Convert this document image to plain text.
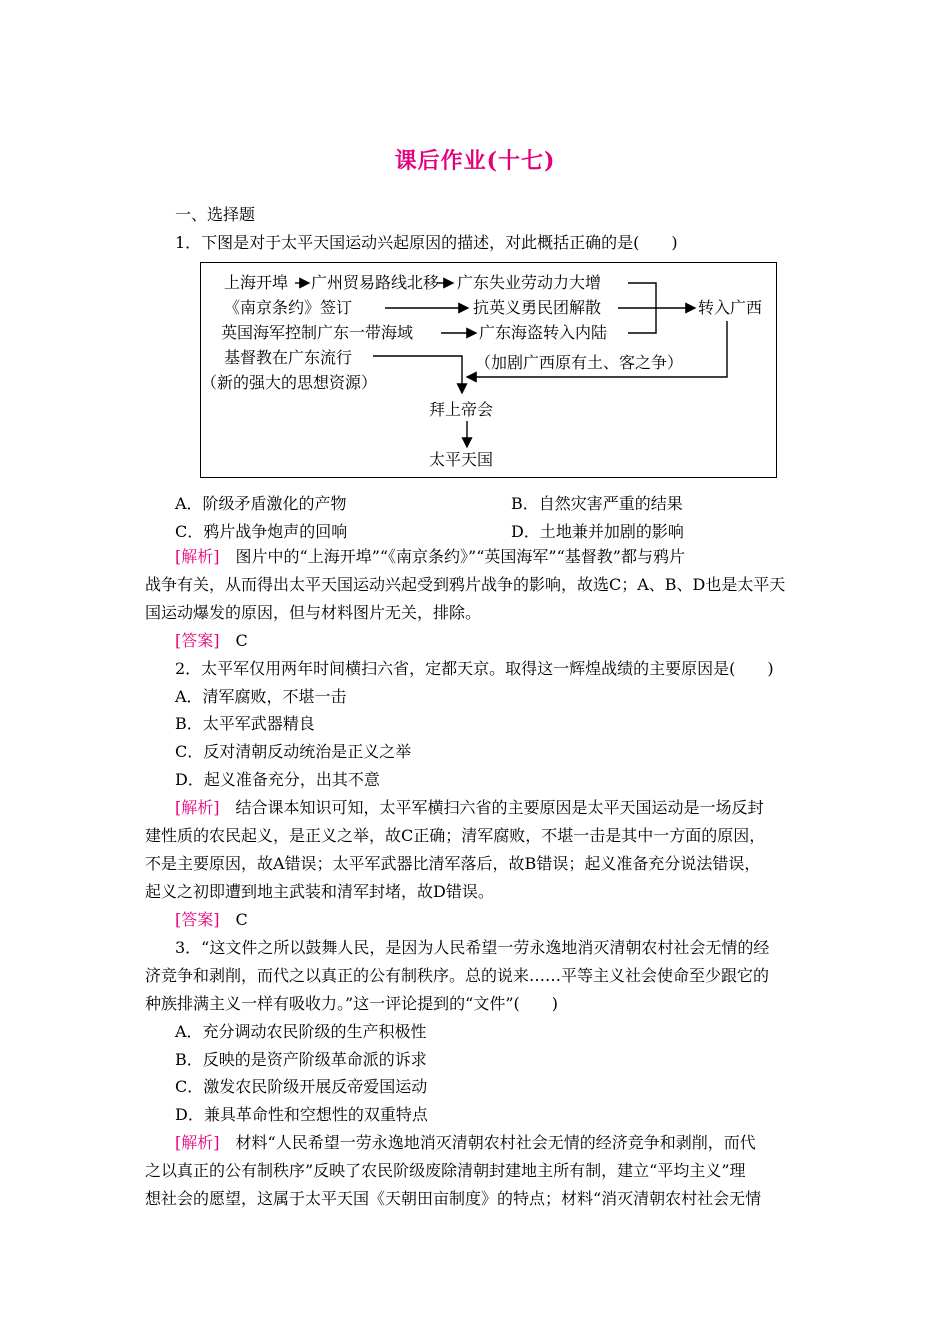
课后作业(十七)
一、选择题
1．下图是对于太平天国运动兴起原因的描述，对此概括正确的是(　　)
上海开埠 广州贸易路线北移 广东失业劳动力大增
《南京条约》签订	抗英义勇民团解散
英国海军控制广东一带海域	广东海盗转入内陆
转入广西
基督教在广东流行
（新的强大的思想资源）
（加剧广西原有土、客之争）
拜上帝会
太平天国
A．阶级矛盾激化的产物	B．自然灾害严重的结果
C．鸦片战争炮声的回响	D．土地兼并加剧的影响
[解析]　 图片中的“上海开埠”“《南京条约》”“英国海军”“基督教”都与鸦片
战争有关，从而得出太平天国运动兴起受到鸦片战争的影响，故选C；A、B、D也是太平天
国运动爆发的原因，但与材料图片无关，排除。
[答案]　 C
2．太平军仅用两年时间横扫六省，定都天京。取得这一辉煌战绩的主要原因是(　　)
A．清军腐败，不堪一击
B．太平军武器精良
C．反对清朝反动统治是正义之举
D．起义准备充分，出其不意
[解析]　 结合课本知识可知，太平军横扫六省的主要原因是太平天国运动是一场反封
建性质的农民起义，是正义之举，故C正确；清军腐败，不堪一击是其中一方面的原因，
不是主要原因，故A错误；太平军武器比清军落后，故B错误；起义准备充分说法错误，
起义之初即遭到地主武装和清军封堵，故D错误。
[答案]　 C
3．“这文件之所以鼓舞人民，是因为人民希望一劳永逸地消灭清朝农村社会无情的经
济竞争和剥削，而代之以真正的公有制秩序。总的说来……平等主义社会使命至少跟它的
种族排满主义一样有吸收力。”这一评论提到的“文件”(　　)
A．充分调动农民阶级的生产积极性
B．反映的是资产阶级革命派的诉求
C．激发农民阶级开展反帝爱国运动
D．兼具革命性和空想性的双重特点
[解析]　 材料“人民希望一劳永逸地消灭清朝农村社会无情的经济竞争和剥削，而代
之以真正的公有制秩序”反映了农民阶级废除清朝封建地主所有制，建立“平均主义”理
想社会的愿望，这属于太平天国《天朝田亩制度》的特点；材料“消灭清朝农村社会无情
